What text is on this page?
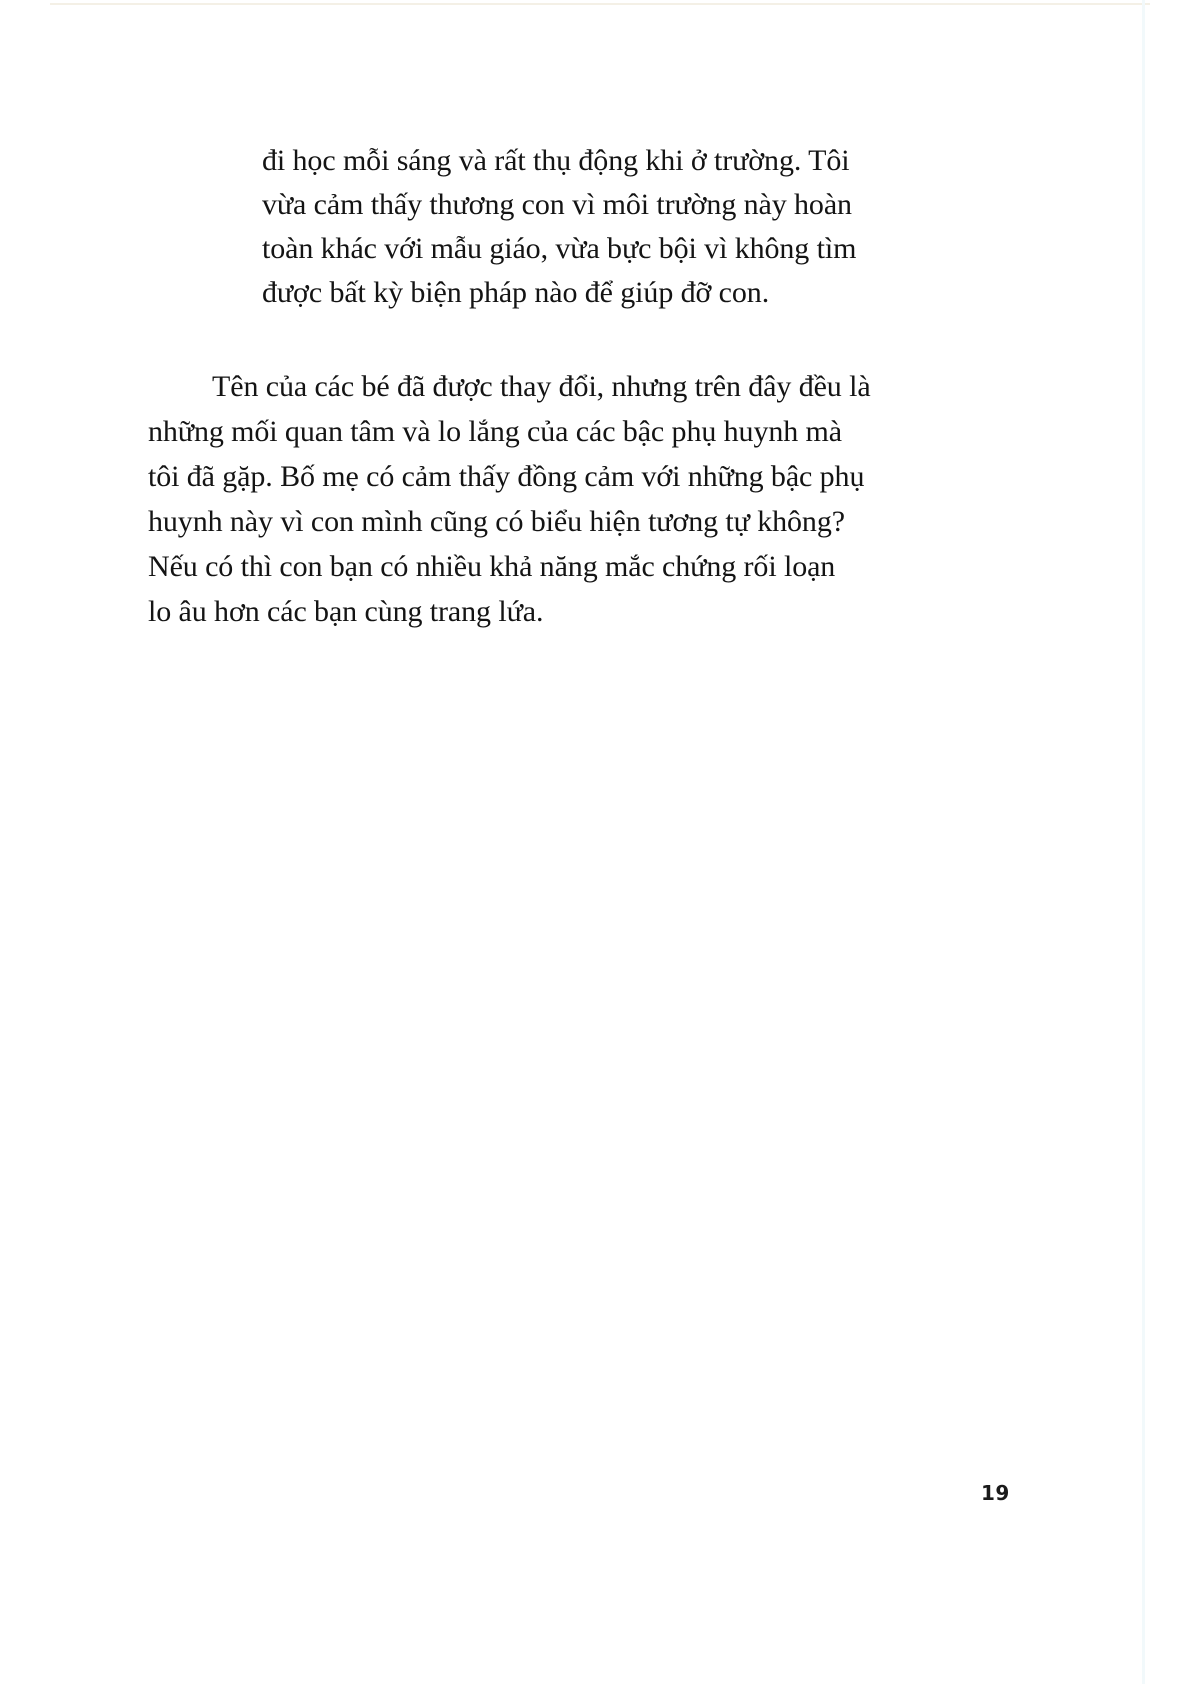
đi học mỗi sáng và rất thụ động khi ở trường. Tôi
vừa cảm thấy thương con vì môi trường này hoàn
toàn khác với mẫu giáo, vừa bực bội vì không tìm
được bất kỳ biện pháp nào để giúp đỡ con.

Tên của các bé đã được thay đổi, nhưng trên đây đều là
những mối quan tâm và lo lắng của các bậc phụ huynh mà
tôi đã gặp. Bố mẹ có cảm thấy đồng cảm với những bậc phụ
huynh này vì con mình cũng có biểu hiện tương tự không?
Nếu có thì con bạn có nhiều khả năng mắc chứng rối loạn
lo âu hơn các bạn cùng trang lứa.

19
